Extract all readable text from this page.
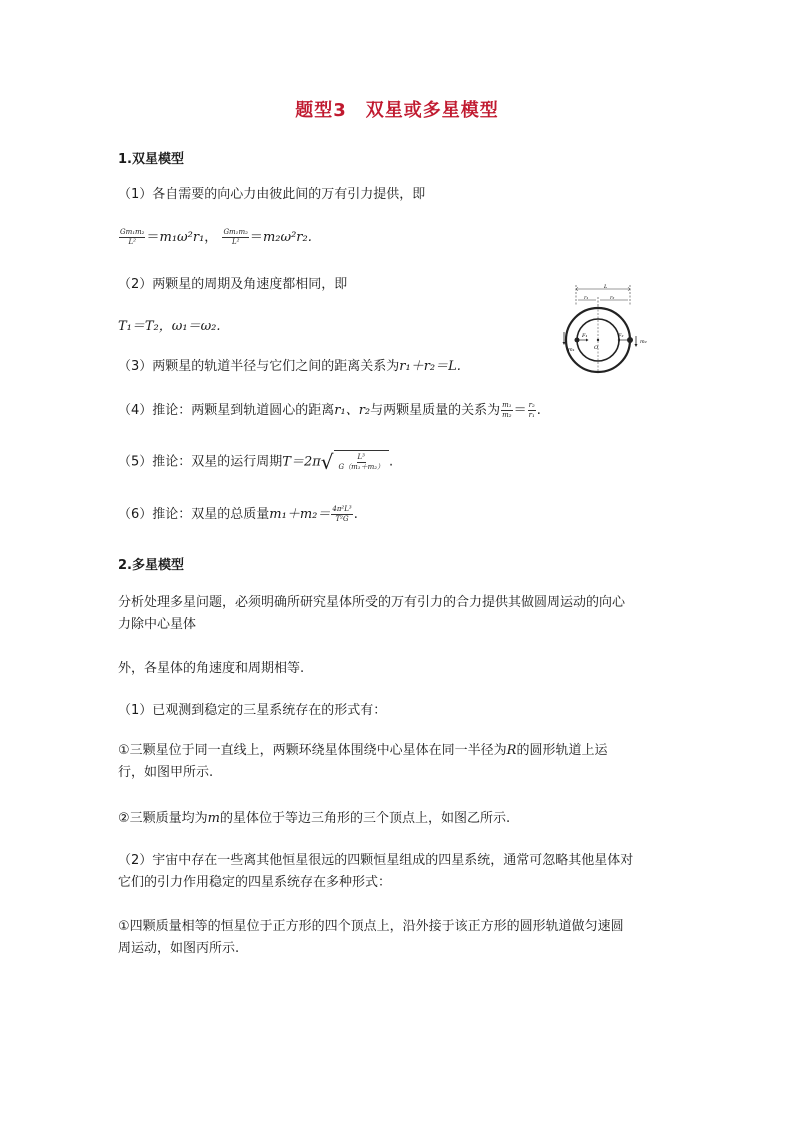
题型3　双星或多星模型
1.双星模型
（1）各自需要的向心力由彼此间的万有引力提供，即
$\frac{\text{Gm₁m₂}}{\text{L²}} =m_1\omega^2r_1$， $\frac{\text{Gm₁m₂}}{\text{L²}} =m_2\omega^2r_2$.
（2）两颗星的周期及角速度都相同，即
T₁＝T₂，ω₁＝ω₂.
（3）两颗星的轨道半径与它们之间的距离关系为r₁＋r₂＝L.
（4）推论：两颗星到轨道圆心的距离r₁、r₂与两颗星质量的关系为 $\frac{\text{m₁}}{\text{m₂}} = \frac{\text{r₂}}{\text{r₁}}$ .
（5）推论：双星的运行周期T＝2π √ $\frac{\text{L³}}{\text{G（m₁＋m₂）}}$ .
（6）推论：双星的总质量$m_1+m_2= \frac{\text{4π²L³}}{\text{T²G}}$ .
L
r₁	r₂
O
F₁	F₂
m₁
m₂
2.多星模型
分析处理多星问题，必须明确所研究星体所受的万有引力的合力提供其做圆周运动的向心
力除中心星体
外，各星体的角速度和周期相等.
（1）已观测到稳定的三星系统存在的形式有：
①三颗星位于同一直线上，两颗环绕星体围绕中心星体在同一半径为R的圆形轨道上运
行，如图甲所示.
②三颗质量均为m的星体位于等边三角形的三个顶点上，如图乙所示.
（2）宇宙中存在一些离其他恒星很远的四颗恒星组成的四星系统，通常可忽略其他星体对
它们的引力作用稳定的四星系统存在多种形式：
①四颗质量相等的恒星位于正方形的四个顶点上，沿外接于该正方形的圆形轨道做匀速圆
周运动，如图丙所示.
